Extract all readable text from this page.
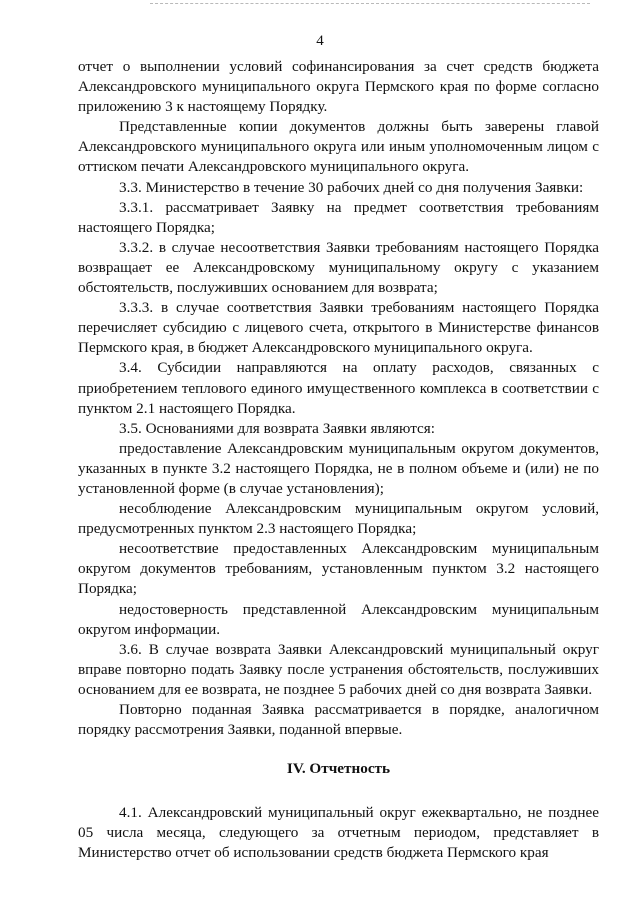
4

отчет о выполнении условий софинансирования за счет средств бюджета Александровского муниципального округа Пермского края по форме согласно приложению 3 к настоящему Порядку.

Представленные копии документов должны быть заверены главой Александровского муниципального округа или иным уполномоченным лицом с оттиском печати Александровского муниципального округа.

3.3. Министерство в течение 30 рабочих дней со дня получения Заявки:

3.3.1. рассматривает Заявку на предмет соответствия требованиям настоящего Порядка;

3.3.2. в случае несоответствия Заявки требованиям настоящего Порядка возвращает ее Александровскому муниципальному округу с указанием обстоятельств, послуживших основанием для возврата;

3.3.3. в случае соответствия Заявки требованиям настоящего Порядка перечисляет субсидию с лицевого счета, открытого в Министерстве финансов Пермского края, в бюджет Александровского муниципального округа.

3.4. Субсидии направляются на оплату расходов, связанных с приобретением теплового единого имущественного комплекса в соответствии с пунктом 2.1 настоящего Порядка.

3.5. Основаниями для возврата Заявки являются:

предоставление Александровским муниципальным округом документов, указанных в пункте 3.2 настоящего Порядка, не в полном объеме и (или) не по установленной форме (в случае установления);

несоблюдение Александровским муниципальным округом условий, предусмотренных пунктом 2.3 настоящего Порядка;

несоответствие предоставленных Александровским муниципальным округом документов требованиям, установленным пунктом 3.2 настоящего Порядка;

недостоверность представленной Александровским муниципальным округом информации.

3.6. В случае возврата Заявки Александровский муниципальный округ вправе повторно подать Заявку после устранения обстоятельств, послуживших основанием для ее возврата, не позднее 5 рабочих дней со дня возврата Заявки.

Повторно поданная Заявка рассматривается в порядке, аналогичном порядку рассмотрения Заявки, поданной впервые.

IV. Отчетность

4.1. Александровский муниципальный округ ежеквартально, не позднее 05 числа месяца, следующего за отчетным периодом, представляет в Министерство отчет об использовании средств бюджета Пермского края
